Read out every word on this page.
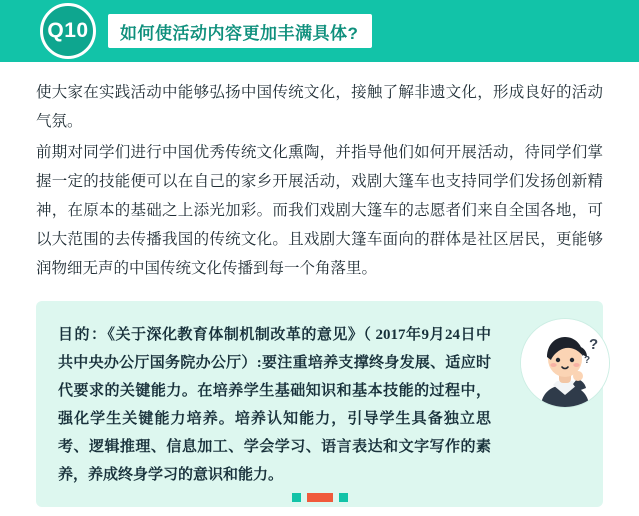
Q10	如何使活动内容更加丰满具体?

使大家在实践活动中能够弘扬中国传统文化，接触了解非遗文化，形成良好的活动气氛。

前期对同学们进行中国优秀传统文化熏陶，并指导他们如何开展活动，待同学们掌握一定的技能便可以在自己的家乡开展活动，戏剧大篷车也支持同学们发扬创新精神，在原本的基础之上添光加彩。而我们戏剧大篷车的志愿者们来自全国各地，可以大范围的去传播我国的传统文化。且戏剧大篷车面向的群体是社区居民，更能够润物细无声的中国传统文化传播到每一个角落里。

目的：《关于深化教育体制机制改革的意见》（ 2017年9月24日中共中央办公厅国务院办公厅）:要注重培养支撑终身发展、适应时代要求的关键能力。在培养学生基础知识和基本技能的过程中，强化学生关键能力培养。培养认知能力，引导学生具备独立思考、逻辑推理、信息加工、学会学习、语言表达和文字写作的素养，养成终身学习的意识和能力。

?
?
